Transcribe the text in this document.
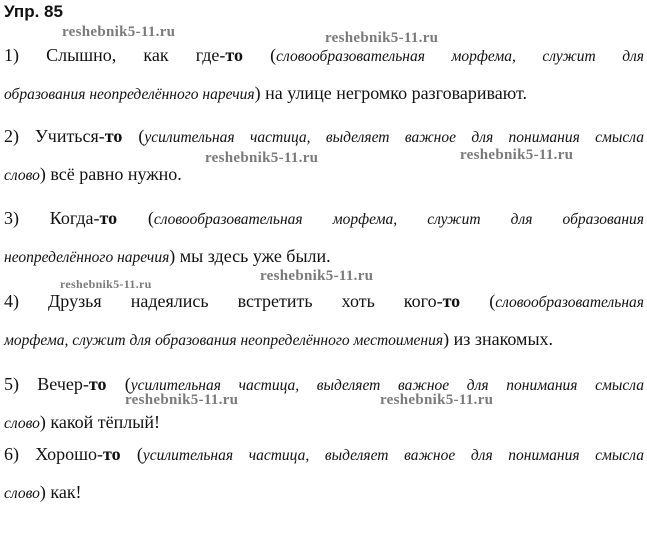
Упр. 85
1) Слышно, как где-то (словообразовательная морфема, служит для
образования неопределённого наречия) на улице негромко разговаривают.
2) Учиться-то (усилительная частица, выделяет важное для понимания смысла
слово) всё равно нужно.
3) Когда-то (словообразовательная морфема, служит для образования
неопределённого наречия) мы здесь уже были.
4) Друзья надеялись встретить хоть кого-то (словообразовательная
морфема, служит для образования неопределённого местоимения) из знакомых.
5) Вечер-то (усилительная частица, выделяет важное для понимания смысла
слово) какой тёплый!
6) Хорошо-то (усилительная частица, выделяет важное для понимания смысла
слово) как!
reshebnik5-11.ru	reshebnik5-11.ru
reshebnik5-11.ru	reshebnik5-11.ru
reshebnik5-11.ru	reshebnik5-11.ru
reshebnik5-11.ru	reshebnik5-11.ru
